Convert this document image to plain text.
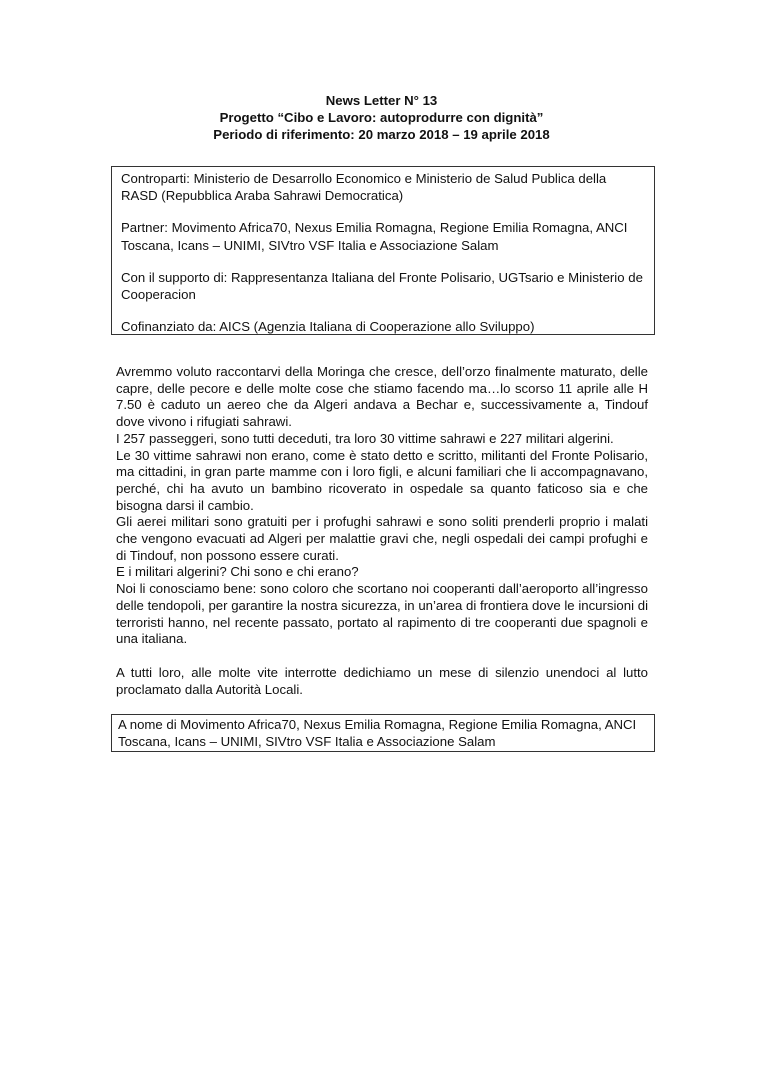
News Letter N° 13
Progetto “Cibo e Lavoro: autoprodurre con dignità”
Periodo di riferimento: 20 marzo 2018 – 19 aprile 2018

Controparti: Ministerio de Desarrollo Economico e Ministerio de Salud Publica della RASD (Repubblica Araba Sahrawi Democratica)

Partner: Movimento Africa70, Nexus Emilia Romagna, Regione Emilia Romagna, ANCI Toscana, Icans – UNIMI, SIVtro VSF Italia e Associazione Salam

Con il supporto di: Rappresentanza Italiana del Fronte Polisario, UGTsario e Ministerio de Cooperacion

Cofinanziato da: AICS (Agenzia Italiana di Cooperazione allo Sviluppo)

Avremmo voluto raccontarvi della Moringa che cresce, dell’orzo finalmente maturato, delle capre, delle pecore e delle molte cose che stiamo facendo ma…lo scorso 11 aprile alle H 7.50 è caduto un aereo che da Algeri andava a Bechar e, successivamente a, Tindouf dove vivono i rifugiati sahrawi.

I 257 passeggeri, sono tutti deceduti, tra loro 30 vittime sahrawi e 227 militari algerini.

Le 30 vittime sahrawi non erano, come è stato detto e scritto, militanti del Fronte Polisario, ma cittadini, in gran parte mamme con i loro figli, e alcuni familiari che li accompagnavano, perché, chi ha avuto un bambino ricoverato in ospedale sa quanto faticoso sia e che bisogna darsi il cambio.

Gli aerei militari sono gratuiti per i profughi sahrawi e sono soliti prenderli proprio i malati che vengono evacuati ad Algeri per malattie gravi che, negli ospedali dei campi profughi e di Tindouf, non possono essere curati.

E i militari algerini? Chi sono e chi erano?

Noi li conosciamo bene: sono coloro che scortano noi cooperanti dall’aeroporto all’ingresso delle tendopoli, per garantire la nostra sicurezza, in un’area di frontiera dove le incursioni di terroristi hanno, nel recente passato, portato al rapimento di tre cooperanti due spagnoli e una italiana.

A tutti loro, alle molte vite interrotte dedichiamo un mese di silenzio unendoci al lutto proclamato dalla Autorità Locali.

A nome di Movimento Africa70, Nexus Emilia Romagna, Regione Emilia Romagna, ANCI Toscana, Icans – UNIMI, SIVtro VSF Italia e Associazione Salam
